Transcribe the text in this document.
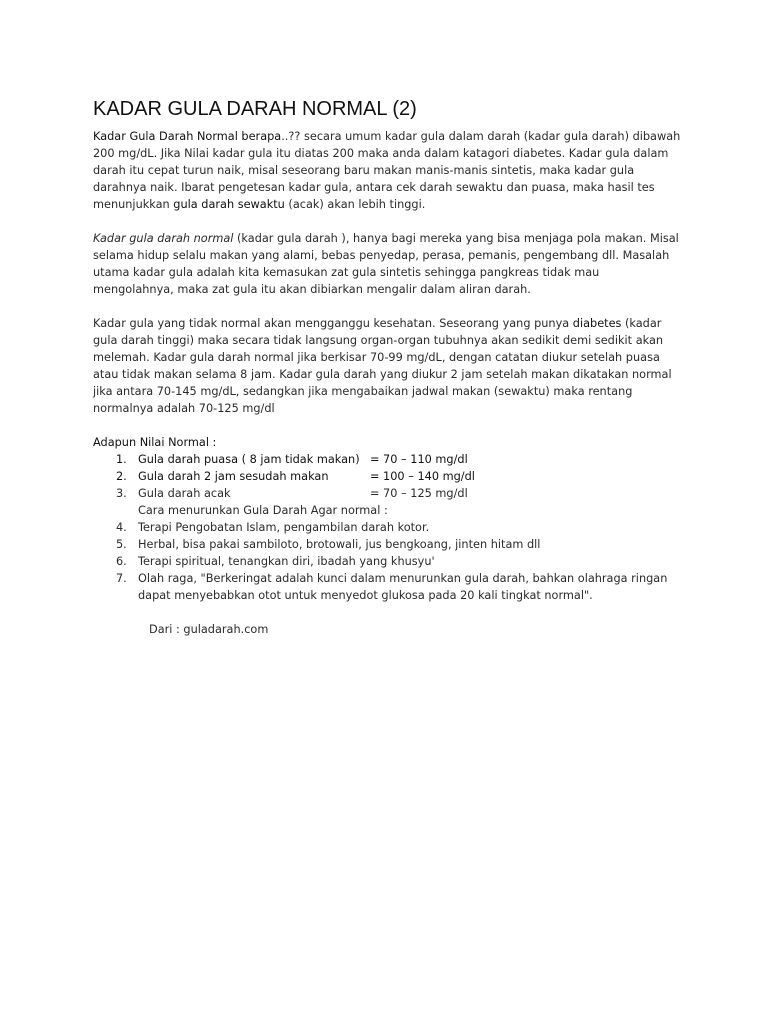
KADAR GULA DARAH NORMAL (2)

Kadar Gula Darah Normal berapa..?? secara umum kadar gula dalam darah (kadar gula darah) dibawah 200 mg/dL. Jika Nilai kadar gula itu diatas 200 maka anda dalam katagori diabetes. Kadar gula dalam darah itu cepat turun naik, misal seseorang baru makan manis-manis sintetis, maka kadar gula darahnya naik. Ibarat pengetesan kadar gula, antara cek darah sewaktu dan puasa, maka hasil tes menunjukkan gula darah sewaktu (acak) akan lebih tinggi.

Kadar gula darah normal (kadar gula darah ), hanya bagi mereka yang bisa menjaga pola makan. Misal selama hidup selalu makan yang alami, bebas penyedap, perasa, pemanis, pengembang dll. Masalah utama kadar gula adalah kita kemasukan zat gula sintetis sehingga pangkreas tidak mau mengolahnya, maka zat gula itu akan dibiarkan mengalir dalam aliran darah.

Kadar gula yang tidak normal akan mengganggu kesehatan. Seseorang yang punya diabetes (kadar gula darah tinggi) maka secara tidak langsung organ-organ tubuhnya akan sedikit demi sedikit akan melemah. Kadar gula darah normal jika berkisar 70-99 mg/dL, dengan catatan diukur setelah puasa atau tidak makan selama 8 jam. Kadar gula darah yang diukur 2 jam setelah makan dikatakan normal jika antara 70-145 mg/dL, sedangkan jika mengabaikan jadwal makan (sewaktu) maka rentang normalnya adalah 70-125 mg/dl

Adapun Nilai Normal :
1. Gula darah puasa ( 8 jam tidak makan) = 70 – 110 mg/dl
2. Gula darah 2 jam sesudah makan	= 100 – 140 mg/dl
3. Gula darah acak	= 70 – 125 mg/dl
Cara menurunkan Gula Darah Agar normal :
4. Terapi Pengobatan Islam, pengambilan darah kotor.
5. Herbal, bisa pakai sambiloto, brotowali, jus bengkoang, jinten hitam dll
6. Terapi spiritual, tenangkan diri, ibadah yang khusyu'
7. Olah raga, "Berkeringat adalah kunci dalam menurunkan gula darah, bahkan olahraga ringan dapat menyebabkan otot untuk menyedot glukosa pada 20 kali tingkat normal".
Dari : guladarah.com
